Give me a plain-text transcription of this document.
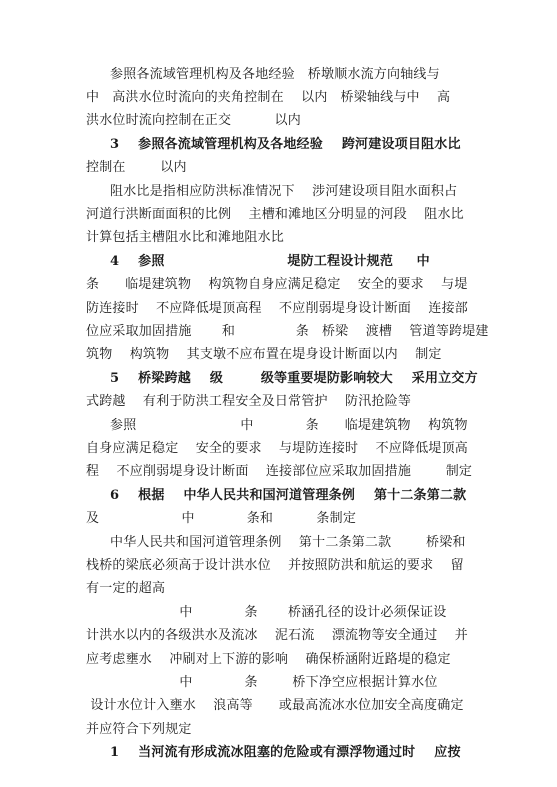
参照各流域管理机构及各地经验   桥墩顺水流方向轴线与
中   高洪水位时流向的夹角控制在    以内   桥梁轴线与中    高
洪水位时流向控制在正交          以内
3    参照各流域管理机构及各地经验    跨河建设项目阻水比
控制在        以内
阻水比是指相应防洪标准情况下    涉河建设项目阻水面积占
河道行洪断面面积的比例    主槽和滩地区分明显的河段    阻水比
计算包括主槽阻水比和滩地阻水比
4    参照                          堤防工程设计规范     中
条      临堤建筑物    构筑物自身应满足稳定    安全的要求    与堤
防连接时    不应降低堤顶高程    不应削弱堤身设计断面    连接部
位应采取加固措施       和              条   桥梁    渡槽    管道等跨堤建
筑物    构筑物    其支墩不应布置在堤身设计断面以内    制定
5    桥梁跨越    级        级等重要堤防影响较大    采用立交方
式跨越    有利于防洪工程安全及日常管护    防汛抢险等
参照                        中            条      临堤建筑物    构筑物
自身应满足稳定    安全的要求    与堤防连接时    不应降低堤顶高
程    不应削弱堤身设计断面    连接部位应采取加固措施        制定
6    根据    中华人民共和国河道管理条例    第十二条第二款
及                   中            条和          条制定
中华人民共和国河道管理条例    第十二条第二款        桥梁和
栈桥的梁底必须高于设计洪水位    并按照防洪和航运的要求    留
有一定的超高
中            条       桥涵孔径的设计必须保证设
计洪水以内的各级洪水及流冰    泥石流    漂流物等安全通过    并
应考虑壅水    冲刷对上下游的影响    确保桥涵附近路堤的稳定
中            条        桥下净空应根据计算水位
设计水位计入壅水    浪高等      或最高流冰水位加安全高度确定
并应符合下列规定
1    当河流有形成流冰阻塞的危险或有漂浮物通过时    应按
